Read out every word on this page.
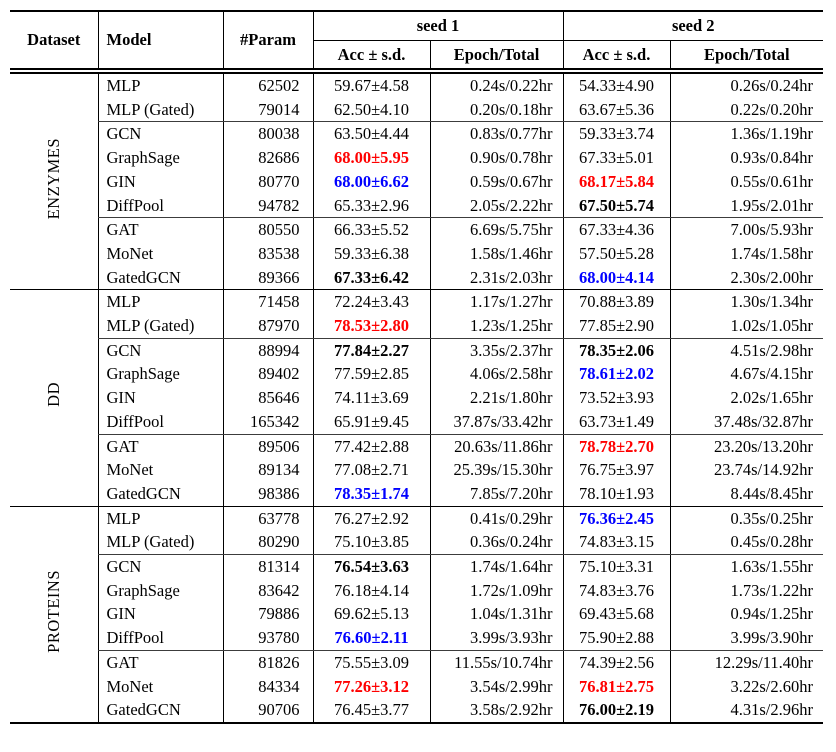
Dataset	Model	#Param	seed 1		seed 2	
			Acc ± s.d.	Epoch/Total	Acc ± s.d.	Epoch/Total
ENZYMES	MLP	62502	59.67±4.58	0.24s/0.22hr	54.33±4.90	0.26s/0.24hr
	MLP (Gated)	79014	62.50±4.10	0.20s/0.18hr	63.67±5.36	0.22s/0.20hr
	GCN	80038	63.50±4.44	0.83s/0.77hr	59.33±3.74	1.36s/1.19hr
	GraphSage	82686	68.00±5.95	0.90s/0.78hr	67.33±5.01	0.93s/0.84hr
	GIN	80770	68.00±6.62	0.59s/0.67hr	68.17±5.84	0.55s/0.61hr
	DiffPool	94782	65.33±2.96	2.05s/2.22hr	67.50±5.74	1.95s/2.01hr
	GAT	80550	66.33±5.52	6.69s/5.75hr	67.33±4.36	7.00s/5.93hr
	MoNet	83538	59.33±6.38	1.58s/1.46hr	57.50±5.28	1.74s/1.58hr
	GatedGCN	89366	67.33±6.42	2.31s/2.03hr	68.00±4.14	2.30s/2.00hr
DD	MLP	71458	72.24±3.43	1.17s/1.27hr	70.88±3.89	1.30s/1.34hr
	MLP (Gated)	87970	78.53±2.80	1.23s/1.25hr	77.85±2.90	1.02s/1.05hr
	GCN	88994	77.84±2.27	3.35s/2.37hr	78.35±2.06	4.51s/2.98hr
	GraphSage	89402	77.59±2.85	4.06s/2.58hr	78.61±2.02	4.67s/4.15hr
	GIN	85646	74.11±3.69	2.21s/1.80hr	73.52±3.93	2.02s/1.65hr
	DiffPool	165342	65.91±9.45	37.87s/33.42hr	63.73±1.49	37.48s/32.87hr
	GAT	89506	77.42±2.88	20.63s/11.86hr	78.78±2.70	23.20s/13.20hr
	MoNet	89134	77.08±2.71	25.39s/15.30hr	76.75±3.97	23.74s/14.92hr
	GatedGCN	98386	78.35±1.74	7.85s/7.20hr	78.10±1.93	8.44s/8.45hr
PROTEINS	MLP	63778	76.27±2.92	0.41s/0.29hr	76.36±2.45	0.35s/0.25hr
	MLP (Gated)	80290	75.10±3.85	0.36s/0.24hr	74.83±3.15	0.45s/0.28hr
	GCN	81314	76.54±3.63	1.74s/1.64hr	75.10±3.31	1.63s/1.55hr
	GraphSage	83642	76.18±4.14	1.72s/1.09hr	74.83±3.76	1.73s/1.22hr
	GIN	79886	69.62±5.13	1.04s/1.31hr	69.43±5.68	0.94s/1.25hr
	DiffPool	93780	76.60±2.11	3.99s/3.93hr	75.90±2.88	3.99s/3.90hr
	GAT	81826	75.55±3.09	11.55s/10.74hr	74.39±2.56	12.29s/11.40hr
	MoNet	84334	77.26±3.12	3.54s/2.99hr	76.81±2.75	3.22s/2.60hr
	GatedGCN	90706	76.45±3.77	3.58s/2.92hr	76.00±2.19	4.31s/2.96hr
